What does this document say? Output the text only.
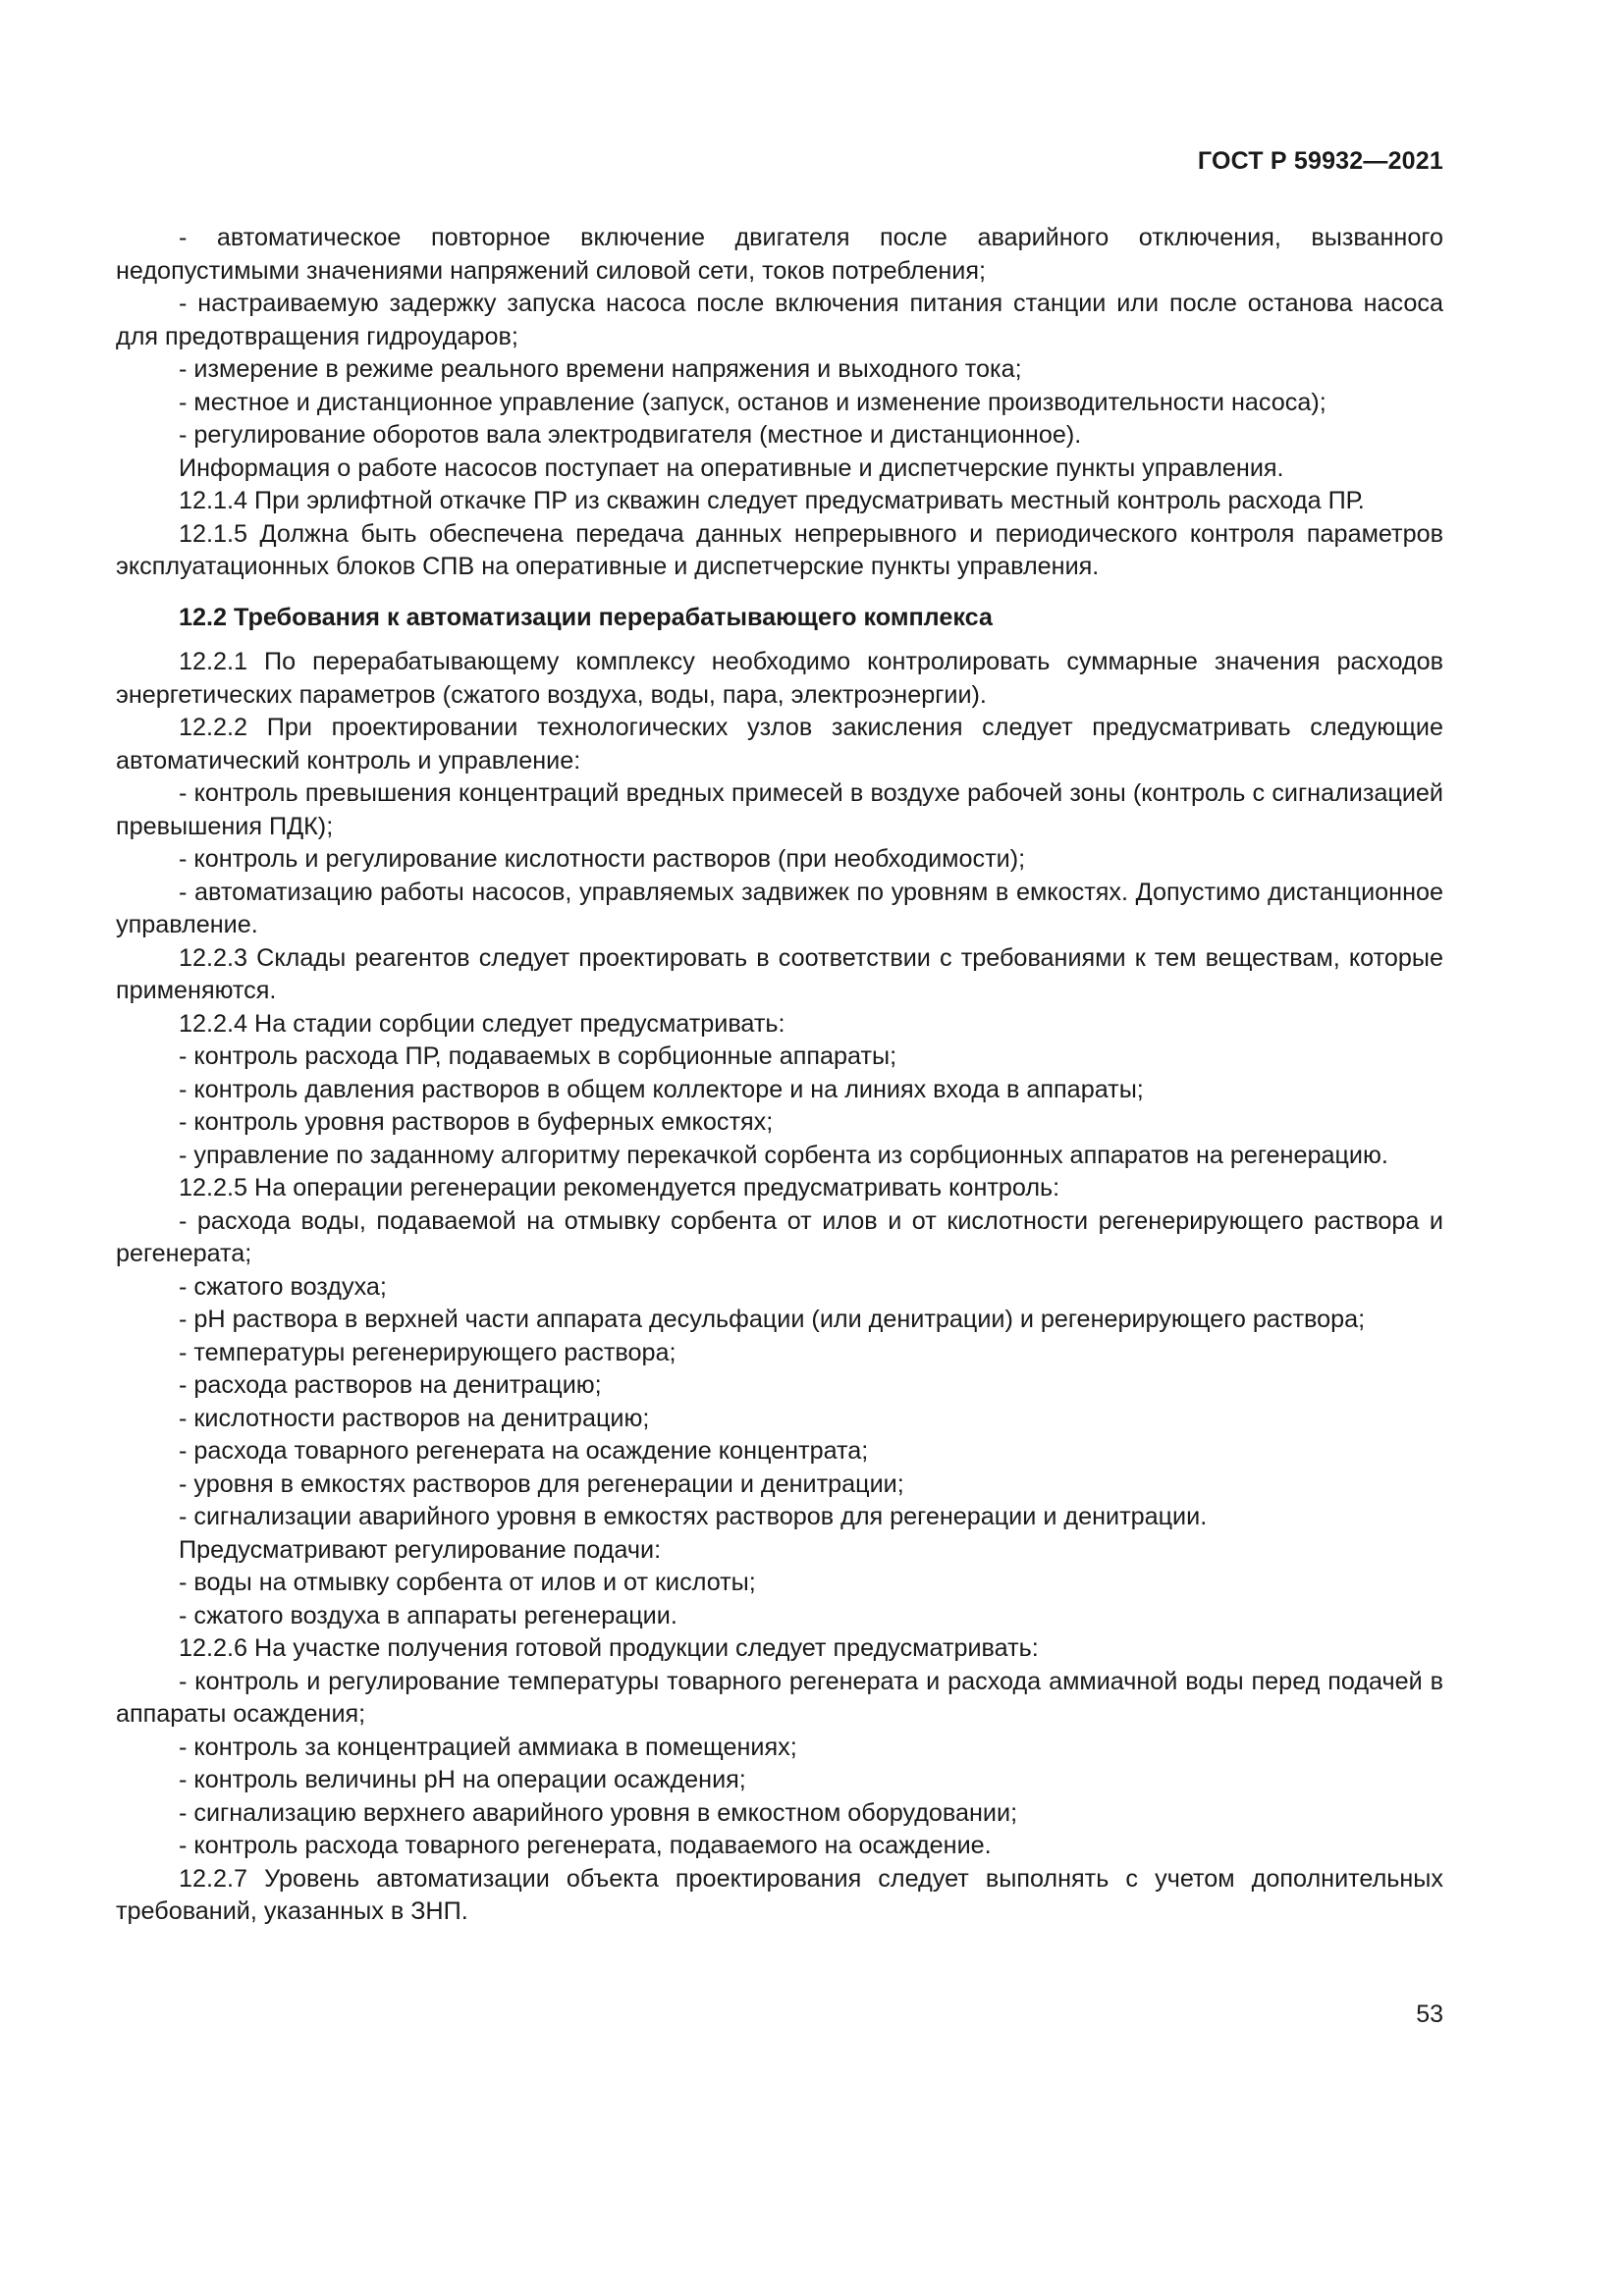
ГОСТ Р 59932—2021

- автоматическое повторное включение двигателя после аварийного отключения, вызванного недопустимыми значениями напряжений силовой сети, токов потребления;

- настраиваемую задержку запуска насоса после включения питания станции или после останова насоса для предотвращения гидроударов;

- измерение в режиме реального времени напряжения и выходного тока;

- местное и дистанционное управление (запуск, останов и изменение производительности насоса);

- регулирование оборотов вала электродвигателя (местное и дистанционное).

Информация о работе насосов поступает на оперативные и диспетчерские пункты управления.

12.1.4 При эрлифтной откачке ПР из скважин следует предусматривать местный контроль расхода ПР.

12.1.5 Должна быть обеспечена передача данных непрерывного и периодического контроля параметров эксплуатационных блоков СПВ на оперативные и диспетчерские пункты управления.

12.2 Требования к автоматизации перерабатывающего комплекса

12.2.1 По перерабатывающему комплексу необходимо контролировать суммарные значения расходов энергетических параметров (сжатого воздуха, воды, пара, электроэнергии).

12.2.2 При проектировании технологических узлов закисления следует предусматривать следующие автоматический контроль и управление:

- контроль превышения концентраций вредных примесей в воздухе рабочей зоны (контроль с сигнализацией превышения ПДК);

- контроль и регулирование кислотности растворов (при необходимости);

- автоматизацию работы насосов, управляемых задвижек по уровням в емкостях. Допустимо дистанционное управление.

12.2.3 Склады реагентов следует проектировать в соответствии с требованиями к тем веществам, которые применяются.

12.2.4 На стадии сорбции следует предусматривать:

- контроль расхода ПР, подаваемых в сорбционные аппараты;

- контроль давления растворов в общем коллекторе и на линиях входа в аппараты;

- контроль уровня растворов в буферных емкостях;

- управление по заданному алгоритму перекачкой сорбента из сорбционных аппаратов на регенерацию.

12.2.5 На операции регенерации рекомендуется предусматривать контроль:

- расхода воды, подаваемой на отмывку сорбента от илов и от кислотности регенерирующего раствора и регенерата;

- сжатого воздуха;

- pH раствора в верхней части аппарата десульфации (или денитрации) и регенерирующего раствора;

- температуры регенерирующего раствора;

- расхода растворов на денитрацию;

- кислотности растворов на денитрацию;

- расхода товарного регенерата на осаждение концентрата;

- уровня в емкостях растворов для регенерации и денитрации;

- сигнализации аварийного уровня в емкостях растворов для регенерации и денитрации.

Предусматривают регулирование подачи:

- воды на отмывку сорбента от илов и от кислоты;

- сжатого воздуха в аппараты регенерации.

12.2.6 На участке получения готовой продукции следует предусматривать:

- контроль и регулирование температуры товарного регенерата и расхода аммиачной воды перед подачей в аппараты осаждения;

- контроль за концентрацией аммиака в помещениях;

- контроль величины pH на операции осаждения;

- сигнализацию верхнего аварийного уровня в емкостном оборудовании;

- контроль расхода товарного регенерата, подаваемого на осаждение.

12.2.7 Уровень автоматизации объекта проектирования следует выполнять с учетом дополнительных требований, указанных в ЗНП.

53
